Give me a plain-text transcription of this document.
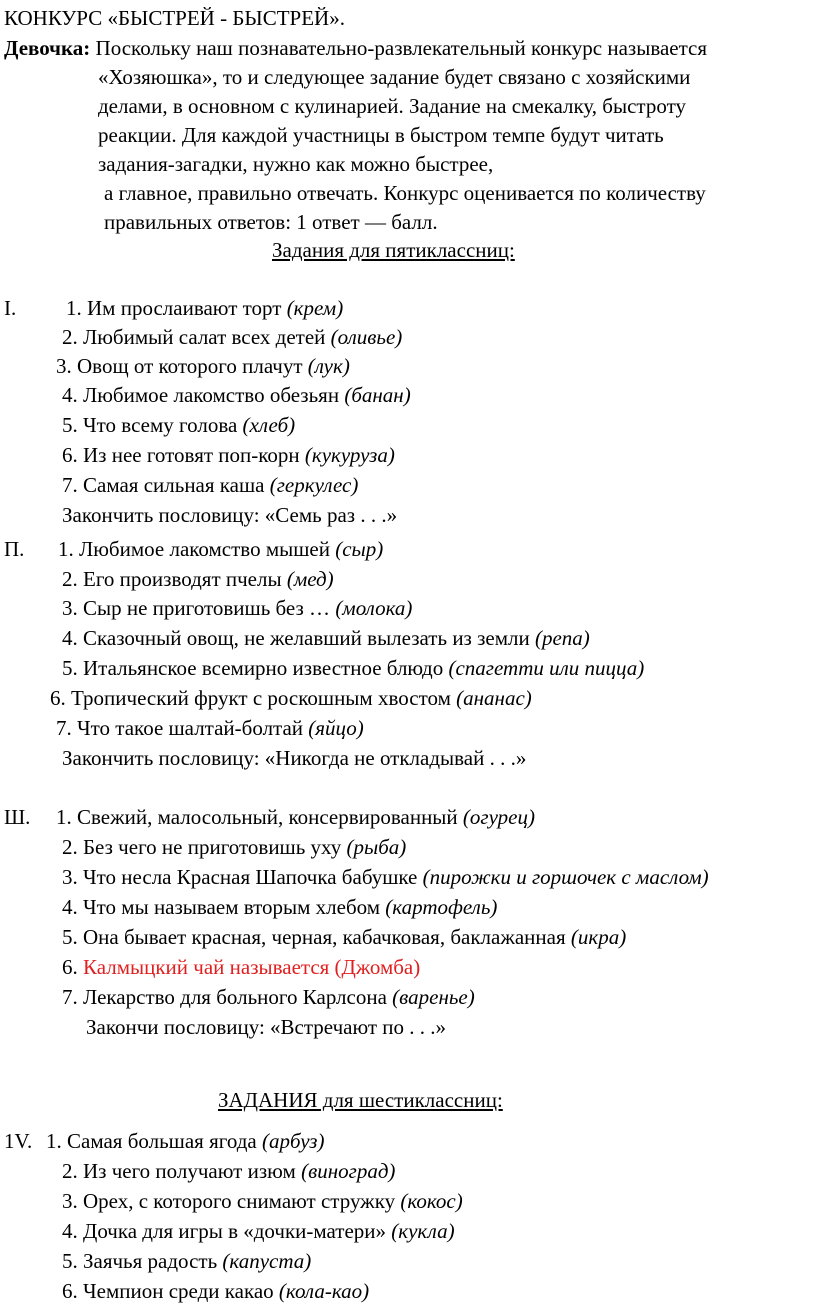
КОНКУРС «БЫСТРЕЙ - БЫСТРЕЙ».
Девочка: Поскольку наш познавательно-развлекательный конкурс называется
«Хозяюшка», то и следующее задание будет связано с хозяйскими
делами, в основном с кулинарией. Задание на смекалку, быстроту
реакции. Для каждой участницы в быстром темпе будут читать
задания-загадки, нужно как можно быстрее,
а главное, правильно отвечать. Конкурс оценивается по количеству
правильных ответов: 1 ответ — балл.
Задания для пятиклассниц:
I. 1. Им прослаивают торт (крем)
2. Любимый салат всех детей (оливье)
3. Овощ от которого плачут (лук)
4. Любимое лакомство обезьян (банан)
5. Что всему голова (хлеб)
6. Из нее готовят поп-корн (кукуруза)
7. Самая сильная каша (геркулес)
Закончить пословицу: «Семь раз . . .»
П. 1. Любимое лакомство мышей (сыр)
2. Его производят пчелы (мед)
3. Сыр не приготовишь без … (молока)
4. Сказочный овощ, не желавший вылезать из земли (репа)
5. Итальянское всемирно известное блюдо (спагетти или пицца)
6. Тропический фрукт с роскошным хвостом (ананас)
7. Что такое шалтай-болтай (яйцо)
Закончить пословицу: «Никогда не откладывай . . .»
Ш. 1. Свежий, малосольный, консервированный (огурец)
2. Без чего не приготовишь уху (рыба)
3. Что несла Красная Шапочка бабушке (пирожки и горшочек с маслом)
4. Что мы называем вторым хлебом (картофель)
5. Она бывает красная, черная, кабачковая, баклажанная (икра)
6. Калмыцкий чай называется (Джомба)
7. Лекарство для больного Карлсона (варенье)
Закончи пословицу: «Встречают по . . .»
ЗАДАНИЯ для шестиклассниц:
1V. 1. Самая большая ягода (арбуз)
2. Из чего получают изюм (виноград)
3. Орех, с которого снимают стружку (кокос)
4. Дочка для игры в «дочки-матери» (кукла)
5. Заячья радость (капуста)
6. Чемпион среди какао (кола-као)
